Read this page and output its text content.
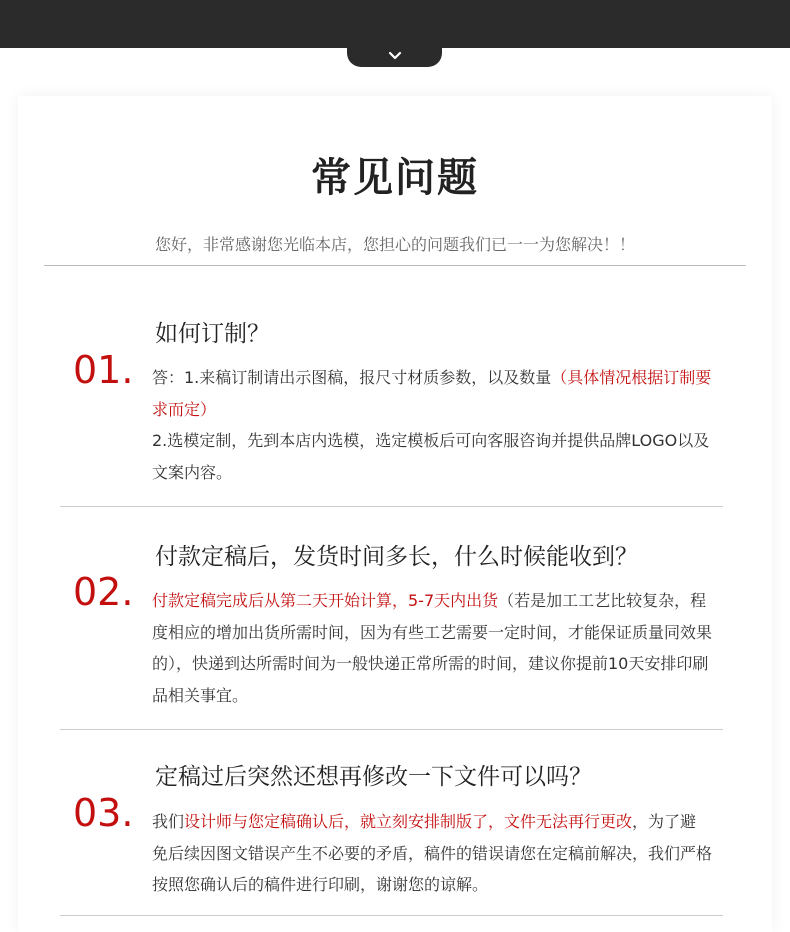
常见问题
您好，非常感谢您光临本店，您担心的问题我们已一一为您解决！！
01.
如何订制？
答：1.来稿订制请出示图稿，报尺寸材质参数，以及数量（具体情况根据订制要求而定）
2.选模定制，先到本店内选模，选定模板后可向客服咨询并提供品牌LOGO以及文案内容。
02.
付款定稿后，发货时间多长，什么时候能收到？
付款定稿完成后从第二天开始计算，5-7天内出货（若是加工工艺比较复杂，程度相应的增加出货所需时间，因为有些工艺需要一定时间，才能保证质量同效果的），快递到达所需时间为一般快递正常所需的时间，建议你提前10天安排印刷品相关事宜。
03.
定稿过后突然还想再修改一下文件可以吗？
我们设计师与您定稿确认后，就立刻安排制版了，文件无法再行更改，为了避免后续因图文错误产生不必要的矛盾，稿件的错误请您在定稿前解决，我们严格按照您确认后的稿件进行印刷，谢谢您的谅解。
